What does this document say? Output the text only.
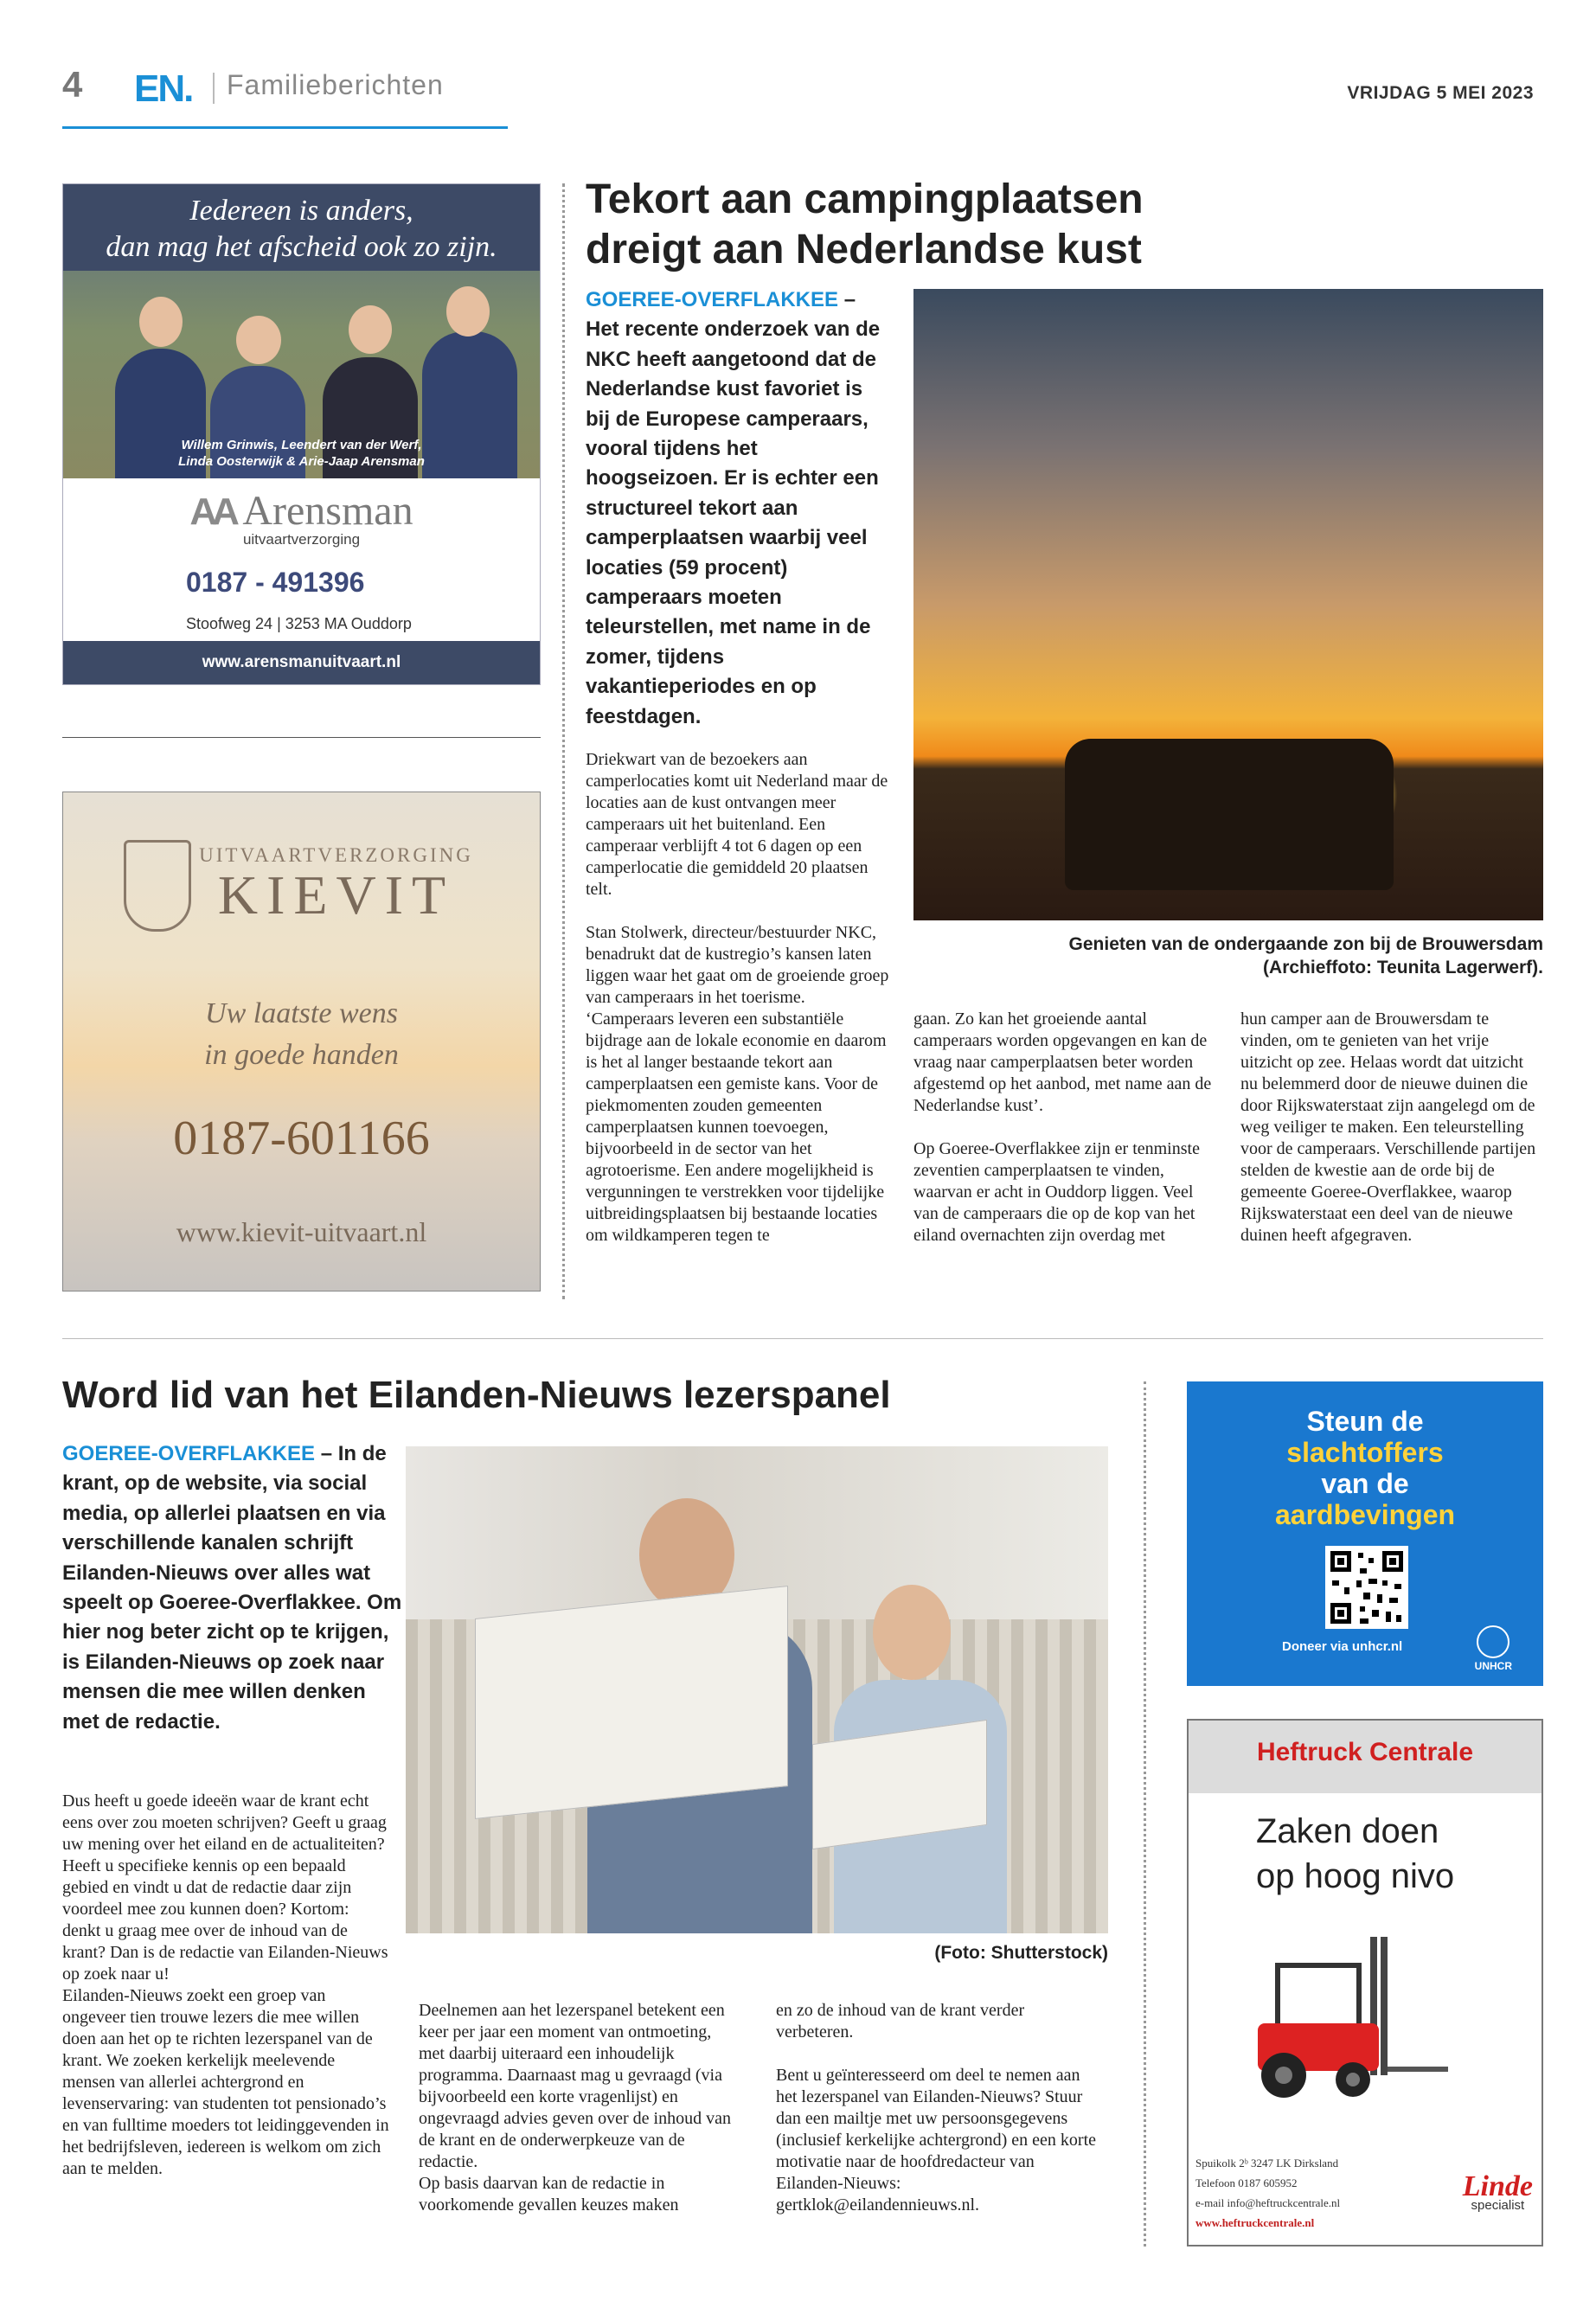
4 EN. Familieberichten	VRIJDAG 5 MEI 2023
Iedereen is anders,
dan mag het afscheid ook zo zijn.
Willem Grinwis, Leendert van der Werf,
Linda Oosterwijk & Arie-Jaap Arensman
AA Arensman
uitvaartverzorging
0187 - 491396
Stoofweg 24 | 3253 MA Ouddorp
www.arensmanuitvaart.nl
UITVAARTVERZORGING
KIEVIT
Uw laatste wens
in goede handen
0187-601166
www.kievit-uitvaart.nl
Tekort aan campingplaatsen
dreigt aan Nederlandse kust
GOEREE-OVERFLAKKEE – Het recente onderzoek van de NKC heeft aangetoond dat de Nederlandse kust favoriet is bij de Europese camperaars, vooral tijdens het hoogseizoen. Er is echter een structureel tekort aan camperplaatsen waarbij veel locaties (59 procent) camperaars moeten teleurstellen, met name in de zomer, tijdens vakantieperiodes en op feestdagen.
Genieten van de ondergaande zon bij de Brouwersdam
(Archieffoto: Teunita Lagerwerf).
Driekwart van de bezoekers aan camperlocaties komt uit Nederland maar de locaties aan de kust ontvangen meer camperaars uit het buitenland. Een camperaar verblijft 4 tot 6 dagen op een camperlocatie die gemiddeld 20 plaatsen telt.

Stan Stolwerk, directeur/bestuurder NKC, benadrukt dat de kustregio’s kansen laten liggen waar het gaat om de groeiende groep van camperaars in het toerisme. ‘Camperaars leveren een substantiële bijdrage aan de lokale economie en daarom is het al langer bestaande tekort aan camperplaatsen een gemiste kans. Voor de piekmomenten zouden gemeenten camperplaatsen kunnen toevoegen, bijvoorbeeld in de sector van het agrotoerisme. Een andere mogelijkheid is vergunningen te verstrekken voor tijdelijke uitbreidingsplaatsen bij bestaande locaties om wildkamperen tegen te
gaan. Zo kan het groeiende aantal camperaars worden opgevangen en kan de vraag naar camperplaatsen beter worden afgestemd op het aanbod, met name aan de Nederlandse kust’.

Op Goeree-Overflakkee zijn er tenminste zeventien camperplaatsen te vinden, waarvan er acht in Ouddorp liggen. Veel van de camperaars die op de kop van het eiland overnachten zijn overdag met
hun camper aan de Brouwersdam te vinden, om te genieten van het vrije uitzicht op zee. Helaas wordt dat uitzicht nu belemmerd door de nieuwe duinen die door Rijkswaterstaat zijn aangelegd om de weg veiliger te maken. Een teleurstelling voor de camperaars. Verschillende partijen stelden de kwestie aan de orde bij de gemeente Goeree-Overflakkee, waarop Rijkswaterstaat een deel van de nieuwe duinen heeft afgegraven.
Word lid van het Eilanden-Nieuws lezerspanel
GOEREE-OVERFLAKKEE – In de krant, op de website, via social media, op allerlei plaatsen en via verschillende kanalen schrijft Eilanden-Nieuws over alles wat speelt op Goeree-Overflakkee. Om hier nog beter zicht op te krijgen, is Eilanden-Nieuws op zoek naar mensen die mee willen denken met de redactie.
(Foto: Shutterstock)
Dus heeft u goede ideeën waar de krant echt eens over zou moeten schrijven? Geeft u graag uw mening over het eiland en de actualiteiten? Heeft u specifieke kennis op een bepaald gebied en vindt u dat de redactie daar zijn voordeel mee zou kunnen doen? Kortom: denkt u graag mee over de inhoud van de krant? Dan is de redactie van Eilanden-Nieuws op zoek naar u!
Eilanden-Nieuws zoekt een groep van ongeveer tien trouwe lezers die mee willen doen aan het op te richten lezerspanel van de krant. We zoeken kerkelijk meelevende mensen van allerlei achtergrond en levenservaring: van studenten tot pensionado’s en van fulltime moeders tot leidinggevenden in het bedrijfsleven, iedereen is welkom om zich aan te melden.
Deelnemen aan het lezerspanel betekent een keer per jaar een moment van ontmoeting, met daarbij uiteraard een inhoudelijk programma. Daarnaast mag u gevraagd (via bijvoorbeeld een korte vragenlijst) en ongevraagd advies geven over de inhoud van de krant en de onderwerpkeuze van de redactie.
Op basis daarvan kan de redactie in voorkomende gevallen keuzes maken
en zo de inhoud van de krant verder verbeteren.

Bent u geïnteresseerd om deel te nemen aan het lezerspanel van Eilanden-Nieuws? Stuur dan een mailtje met uw persoonsgegevens (inclusief kerkelijke achtergrond) en een korte motivatie naar de hoofdredacteur van Eilanden-Nieuws: gertklok@eilandennieuws.nl.
Steun de
slachtoffers
van de
aardbevingen
Doneer via unhcr.nl
UNHCR
Heftruck Centrale
Zaken doen
op hoog nivo
Spuikolk 2ᵇ 3247 LK Dirksland
Telefoon 0187 605952
e-mail info@heftruckcentrale.nl
www.heftruckcentrale.nl
Linde
specialist
